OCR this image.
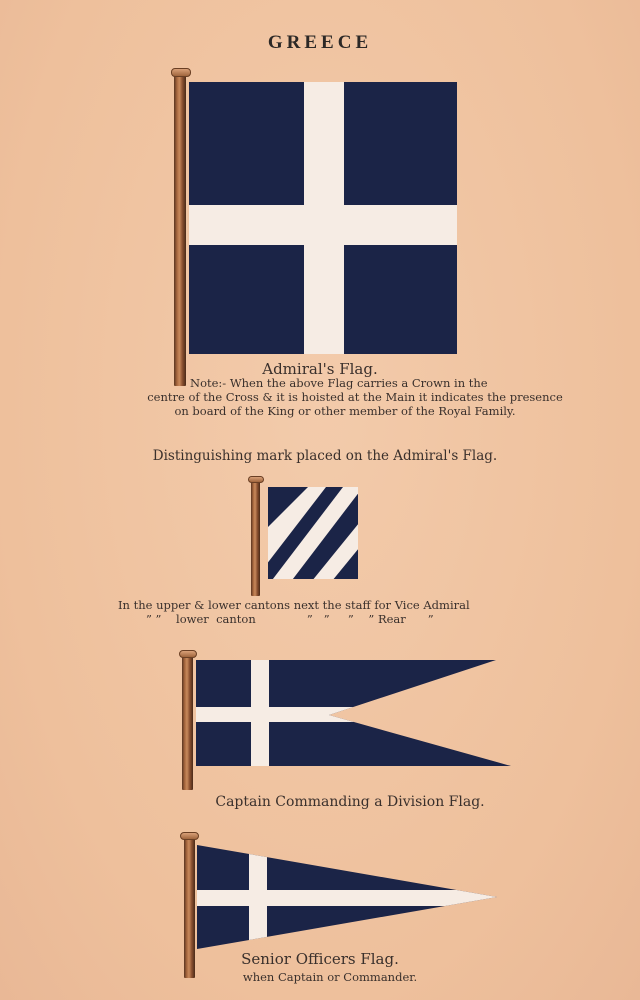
GREECE
Admiral's Flag.
Note:- When the above Flag carries a Crown in the
centre of the Cross & it is hoisted at the Main it indicates the presence
on board of the King or other member of the Royal Family.
Distinguishing mark placed on the Admiral's Flag.
In the upper & lower cantons next the staff for Vice Admiral
” ”    lower  canton              ”   ”     ”    ” Rear      ”
Captain Commanding a Division Flag.
Senior Officers Flag.
when Captain or Commander.
